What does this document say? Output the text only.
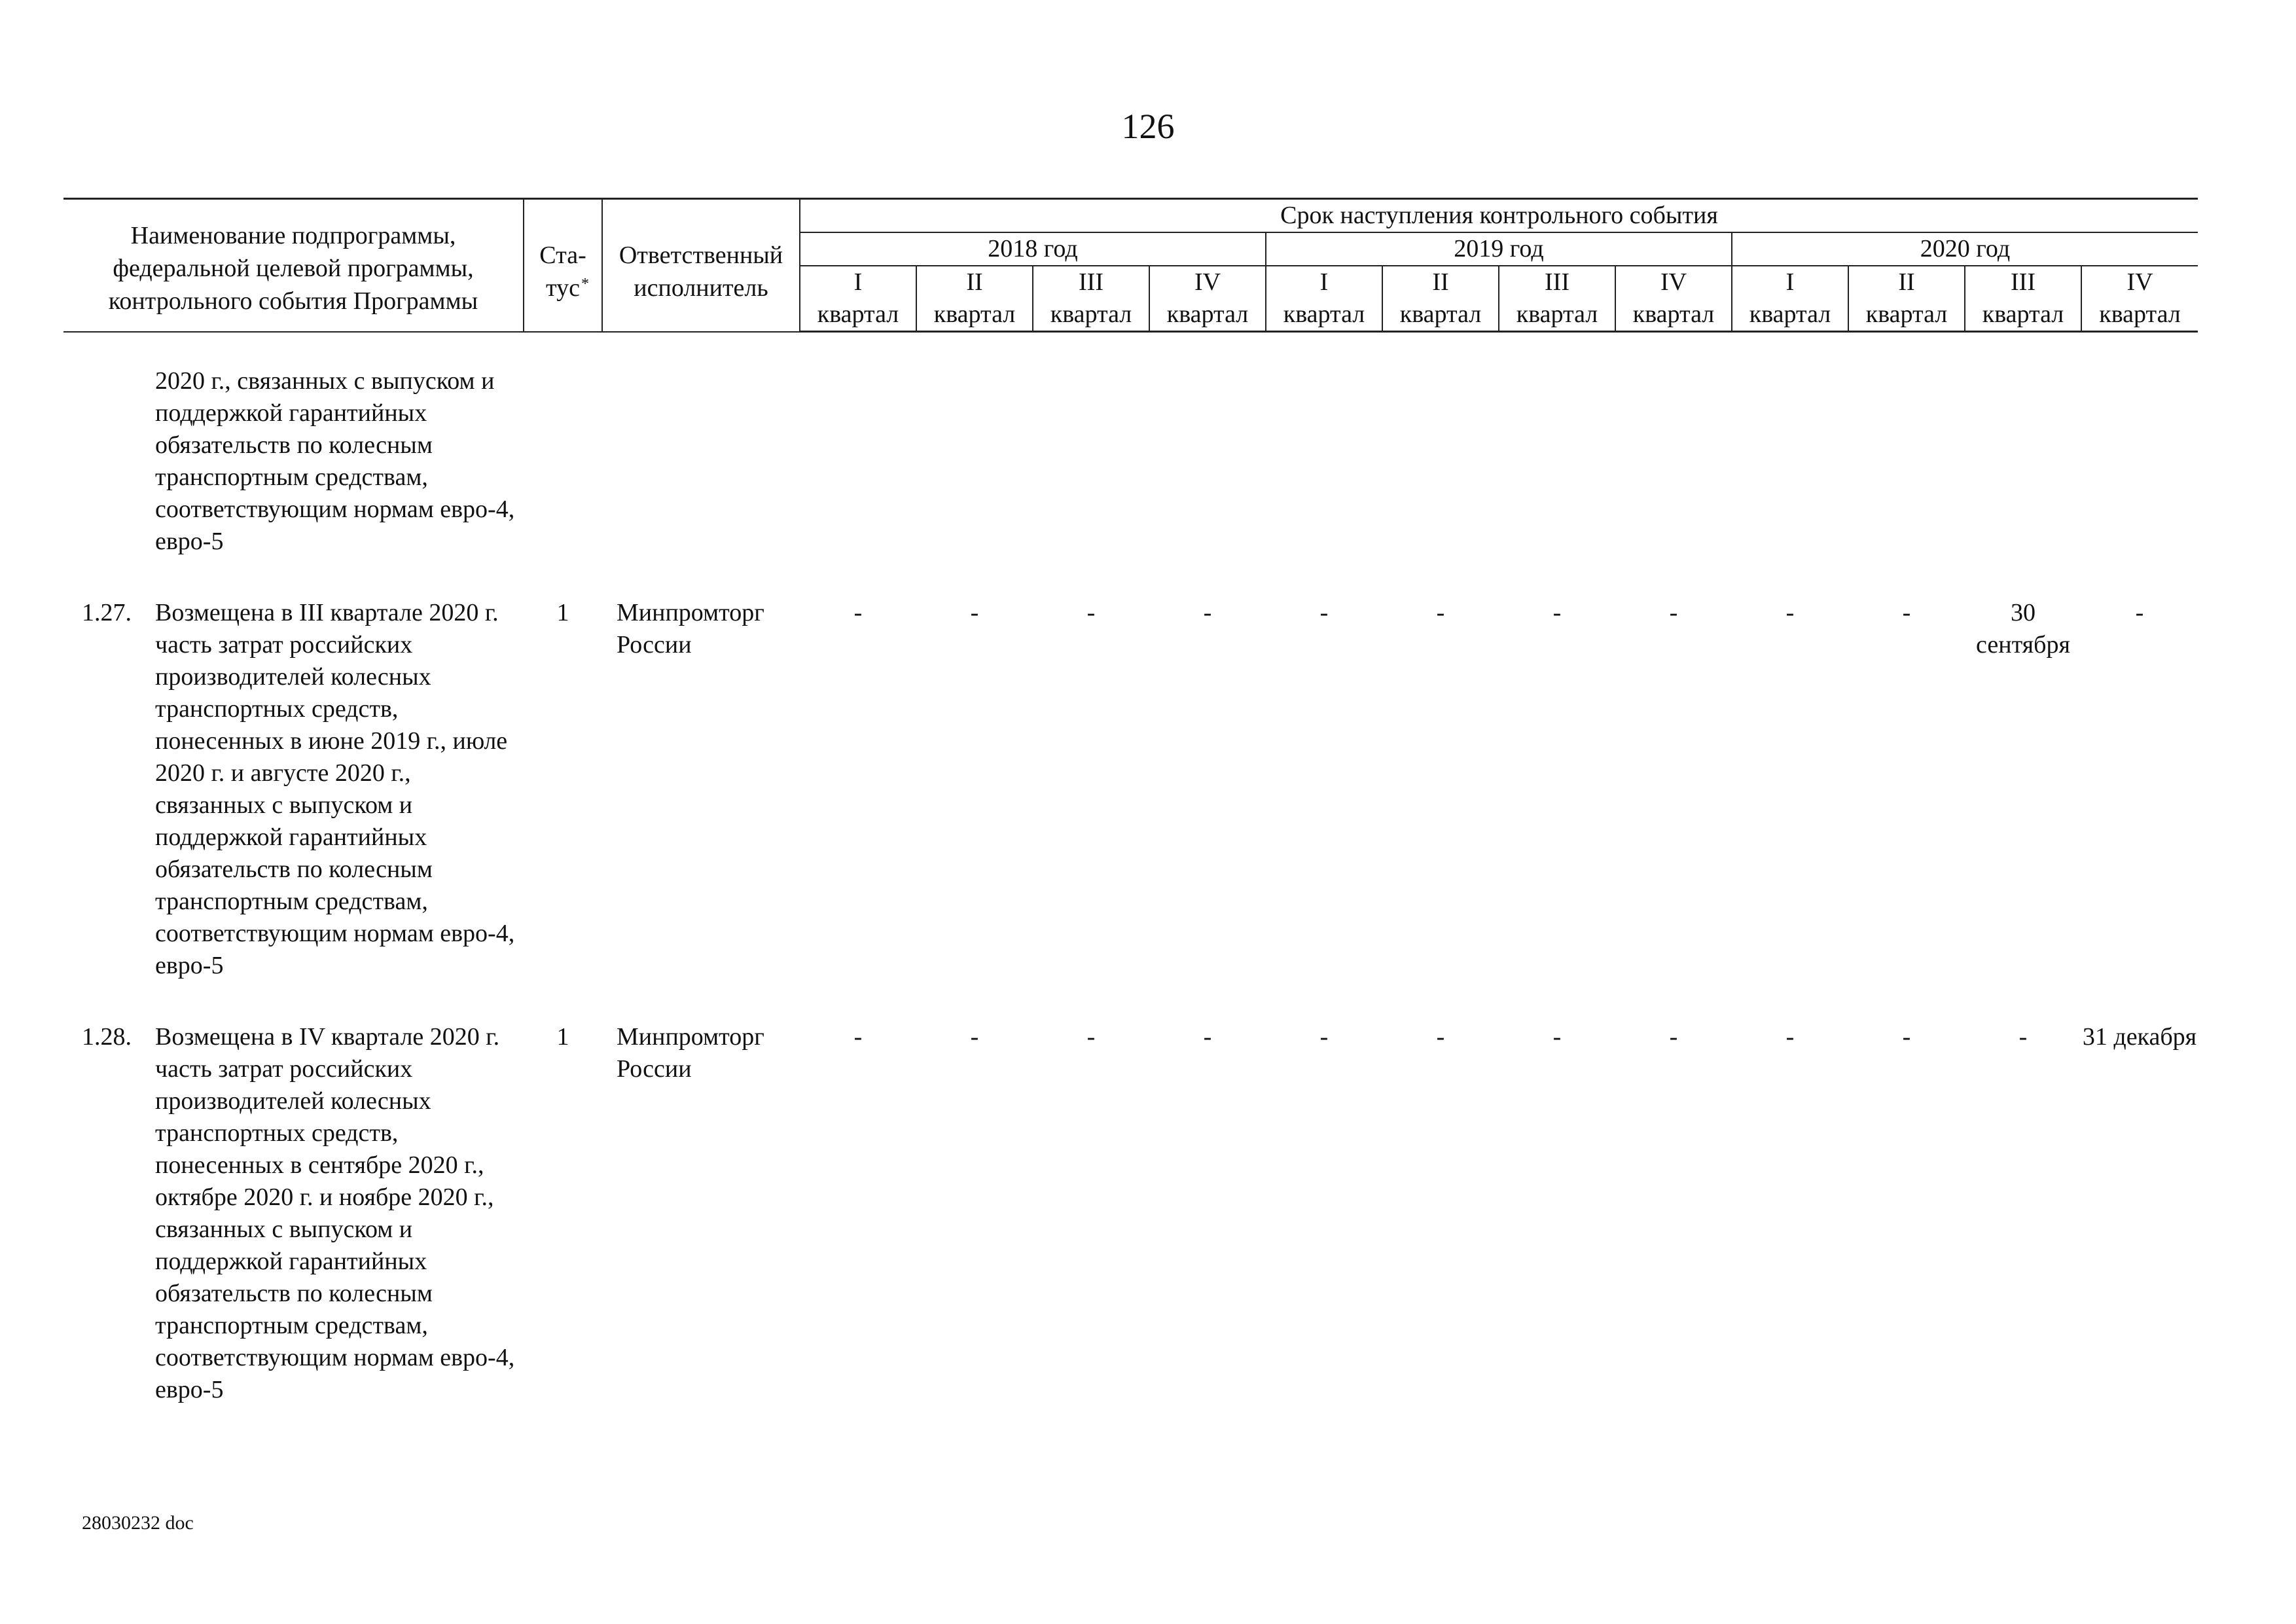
126
Наименование подпрограммы, федеральной целевой программы, контрольного события Программы	Ста-
тус *	Ответственный исполнитель	Срок наступления контрольного события											
			2018 год				2019 год				2020 год			
			I	II	III	IV	I	II	III	IV	I	II	III	IV
			квартал	квартал	квартал	квартал	квартал	квартал	квартал	квартал	квартал	квартал	квартал	квартал

2020 г., связанных с выпуском и поддержкой гарантийных обязательств по колесным транспортным средствам, соответствующим нормам евро-4, евро-5														

1.27. Возмещена в III квартале 2020 г. часть затрат российских производителей колесных транспортных средств, понесенных в июне 2019 г., июле 2020 г. и августе 2020 г., связанных с выпуском и поддержкой гарантийных обязательств по колесным транспортным средствам, соответствующим нормам евро-4, евро-5	1	Минпромторг России	-	-	-	-	-	-	-	-	-	-	30 сентября	-

1.28. Возмещена в IV квартале 2020 г. часть затрат российских производителей колесных транспортных средств, понесенных в сентябре 2020 г., октябре 2020 г. и ноябре 2020 г., связанных с выпуском и поддержкой гарантийных обязательств по колесным транспортным средствам, соответствующим нормам евро-4, евро-5	1	Минпромторг России	-	-	-	-	-	-	-	-	-	-	-	31 декабря
28030232 doc
